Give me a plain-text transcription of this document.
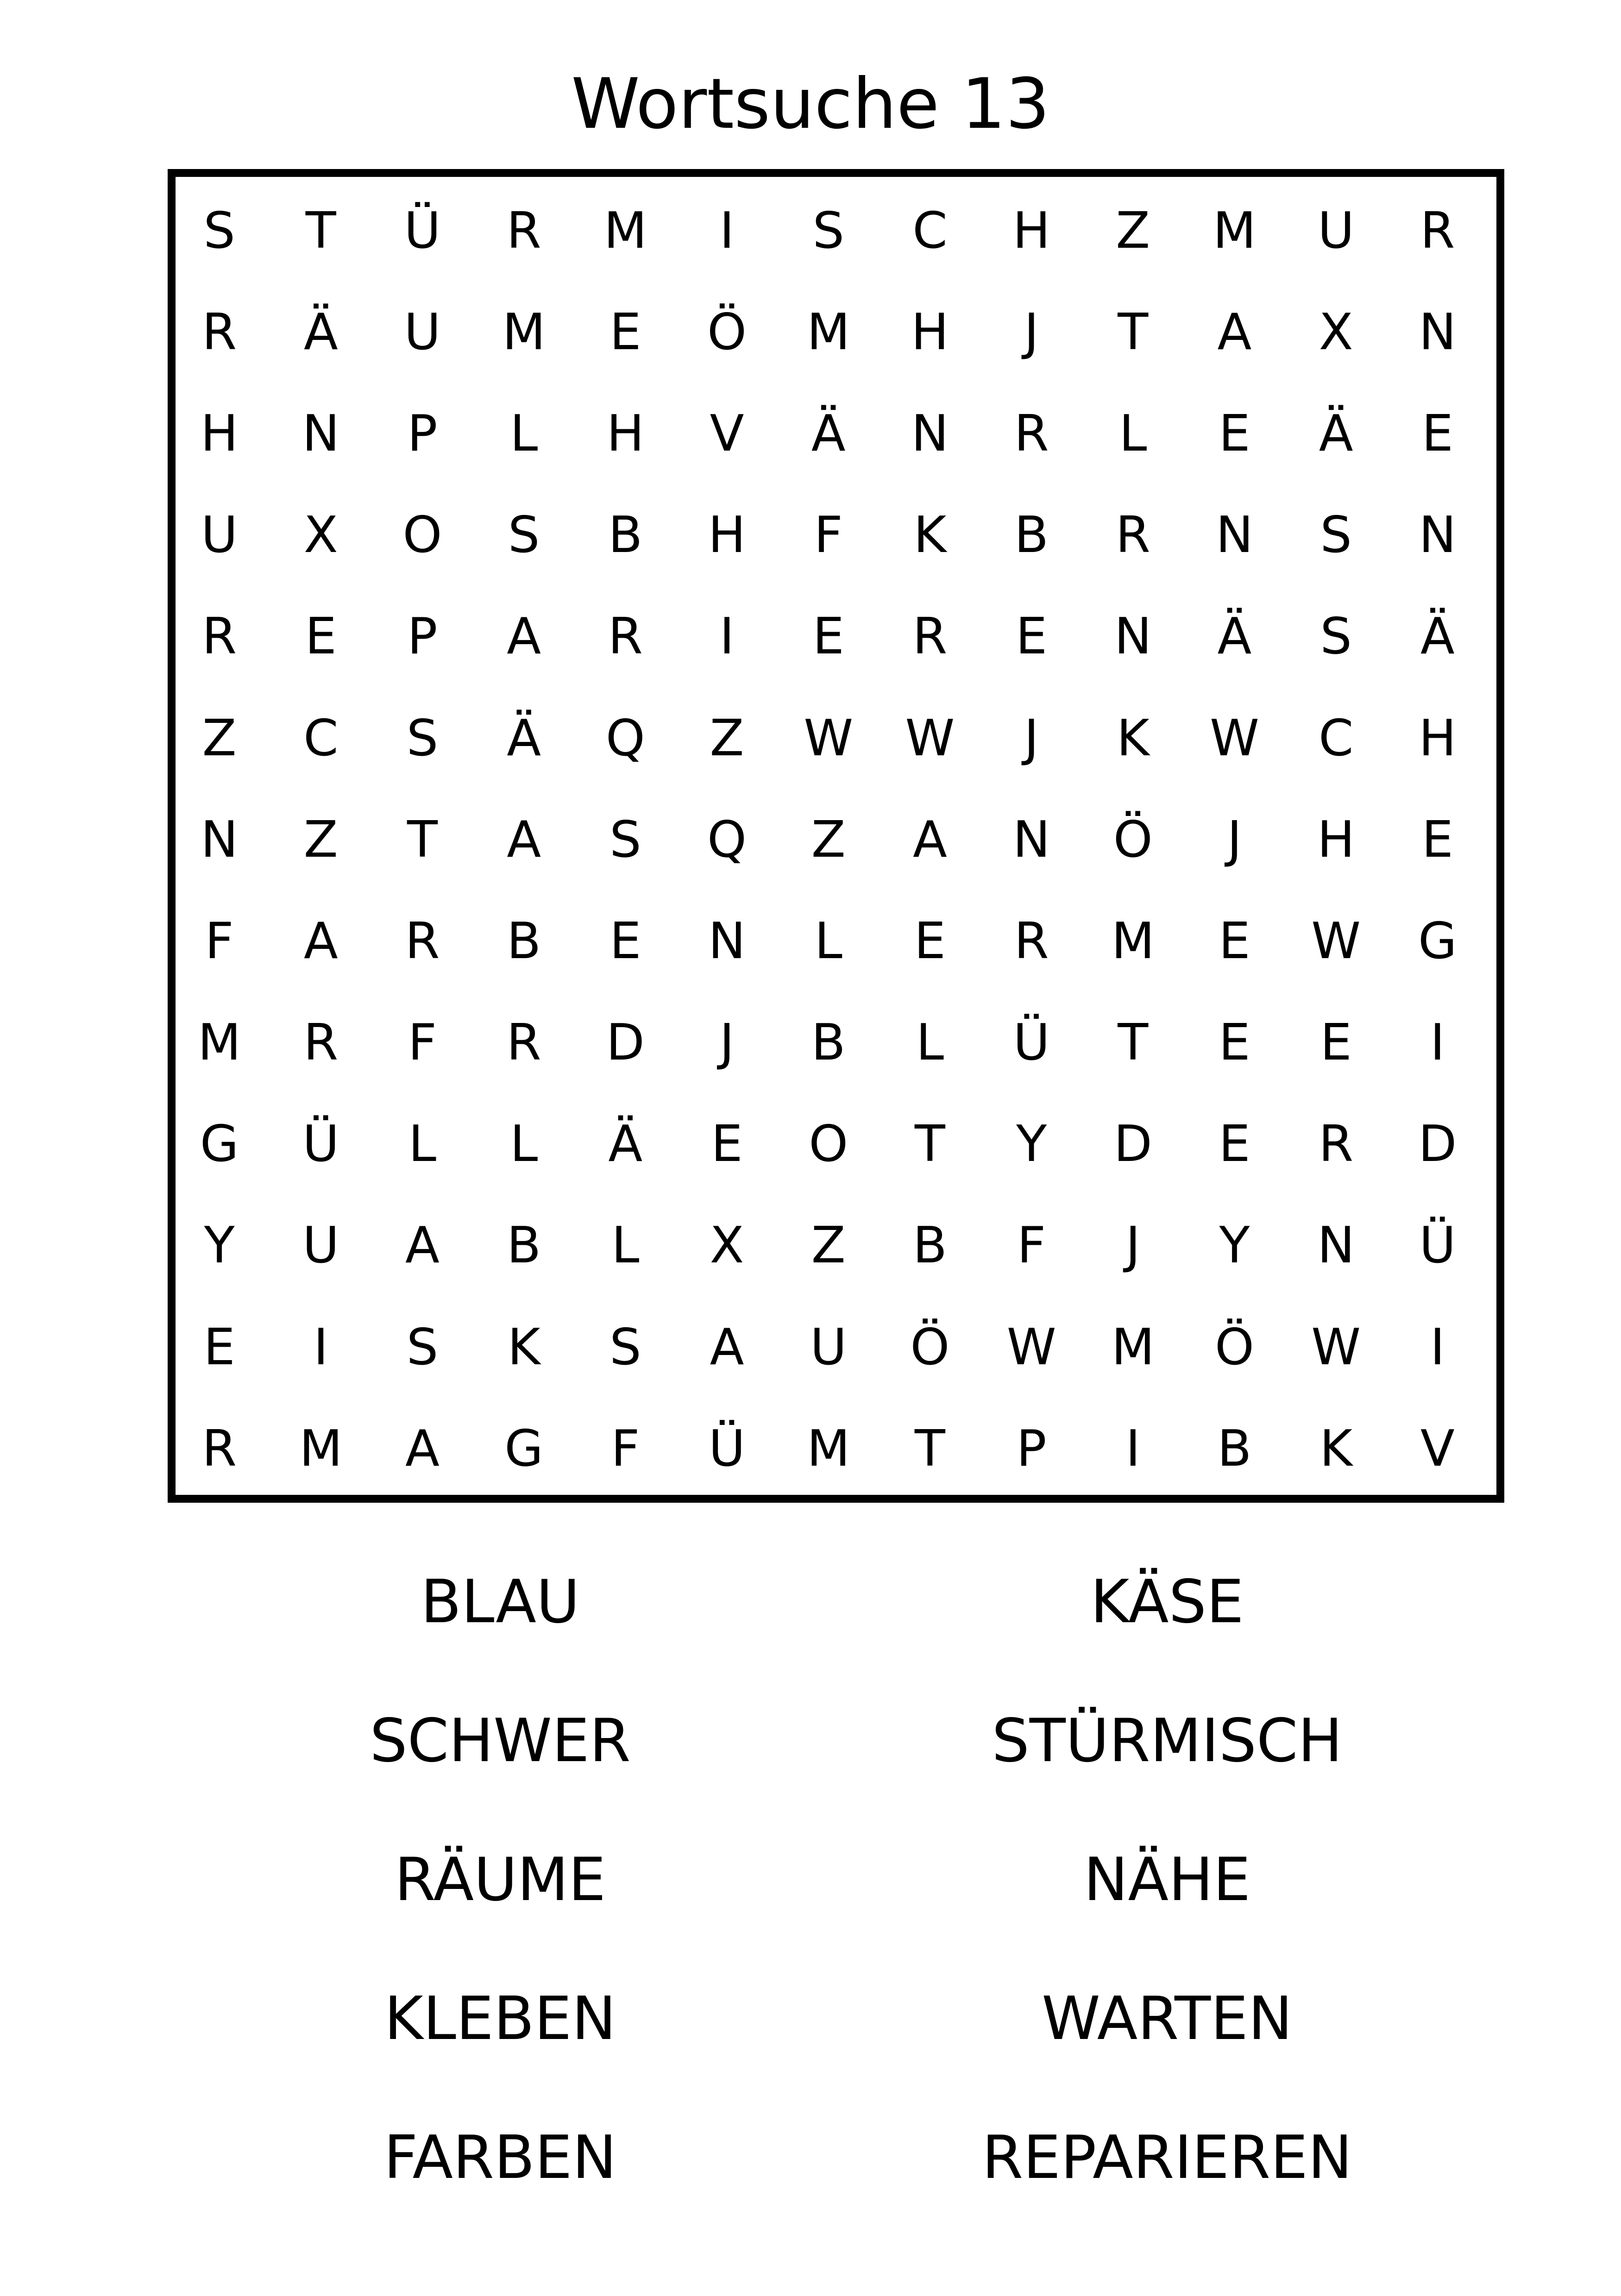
Wortsuche 13
S	T	Ü	R	M	I	S	C	H	Z	M	U	R
R	Ä	U	M	E	Ö	M	H	J	T	A	X	N
H	N	P	L	H	V	Ä	N	R	L	E	Ä	E
U	X	O	S	B	H	F	K	B	R	N	S	N
R	E	P	A	R	I	E	R	E	N	Ä	S	Ä
Z	C	S	Ä	Q	Z	W	W	J	K	W	C	H
N	Z	T	A	S	Q	Z	A	N	Ö	J	H	E
F	A	R	B	E	N	L	E	R	M	E	W	G
M	R	F	R	D	J	B	L	Ü	T	E	E	I
G	Ü	L	L	Ä	E	O	T	Y	D	E	R	D
Y	U	A	B	L	X	Z	B	F	J	Y	N	Ü
E	I	S	K	S	A	U	Ö	W	M	Ö	W	I
R	M	A	G	F	Ü	M	T	P	I	B	K	V
BLAU
SCHWER
RÄUME
KLEBEN
FARBEN
KÄSE
STÜRMISCH
NÄHE
WARTEN
REPARIEREN
